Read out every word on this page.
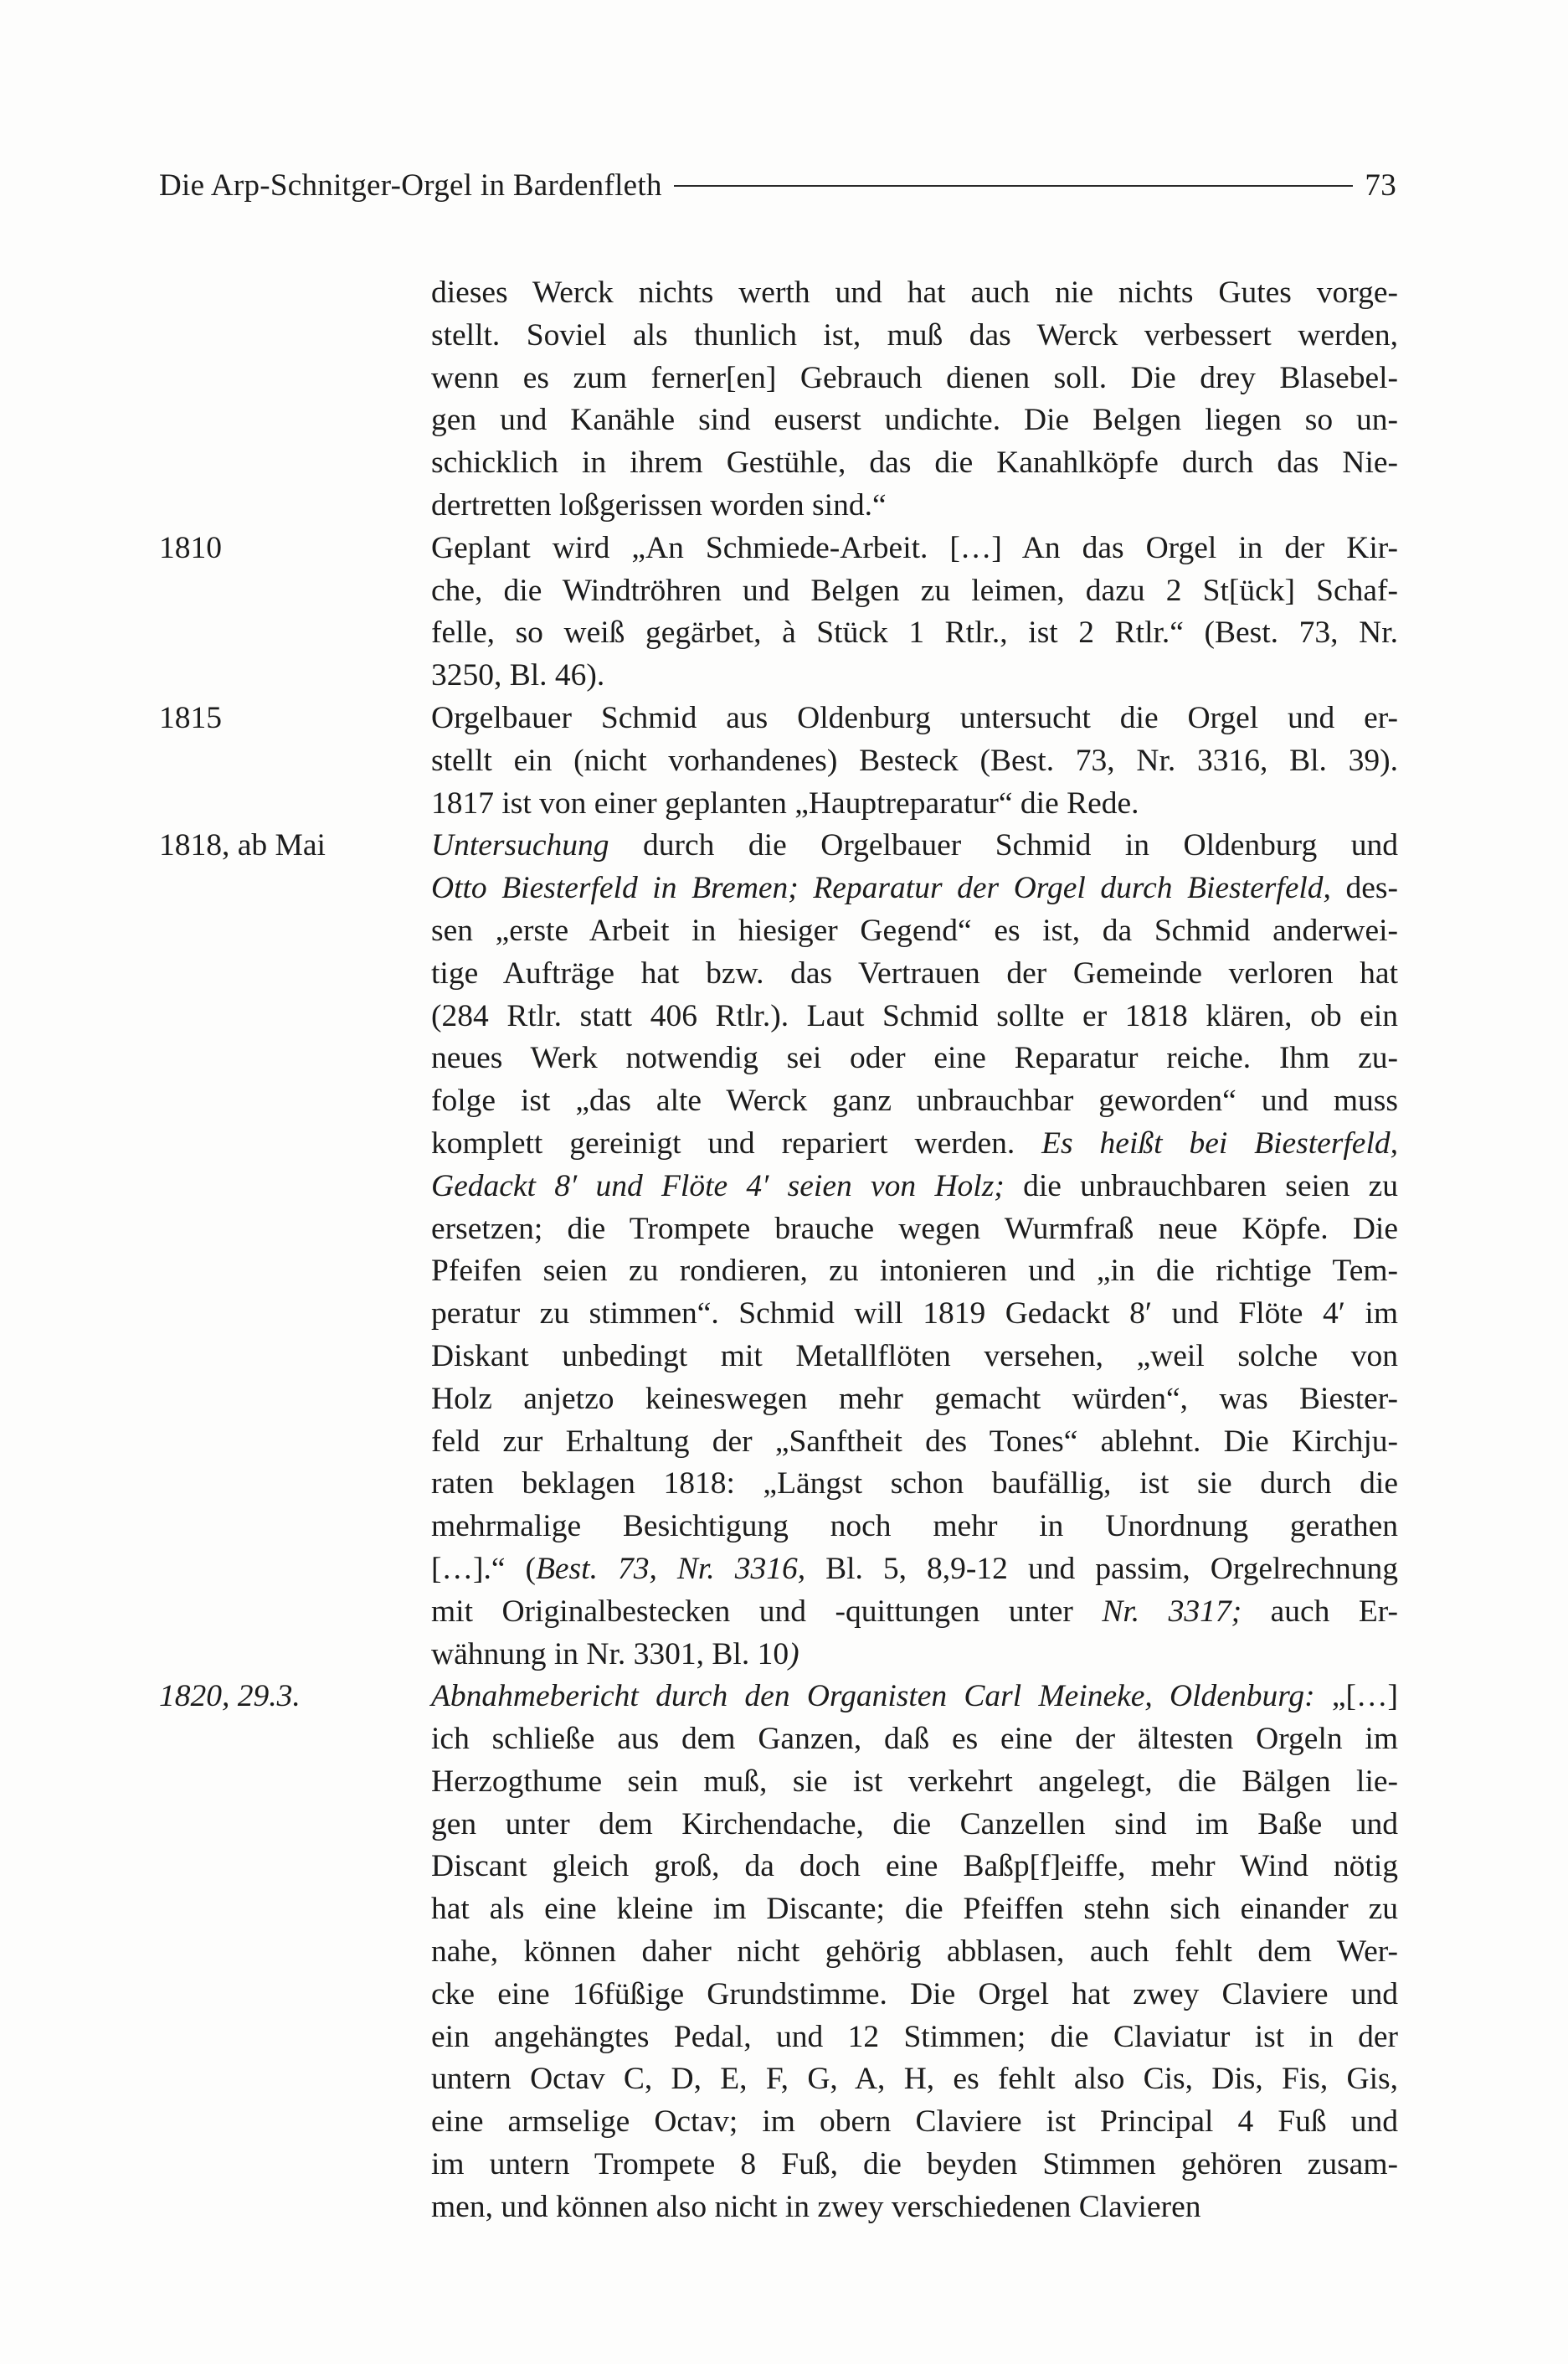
Die Arp-Schnitger-Orgel in Bardenfleth	73
dieses Werck nichts werth und hat auch nie nichts Gutes vorge-
stellt. Soviel als thunlich ist, muß das Werck verbessert werden,
wenn es zum ferner[en] Gebrauch dienen soll. Die drey Blasebel-
gen und Kanähle sind euserst undichte. Die Belgen liegen so un-
schicklich in ihrem Gestühle, das die Kanahlköpfe durch das Nie-
dertretten loßgerissen worden sind.“
1810	Geplant wird „An Schmiede-Arbeit. […] An das Orgel in der Kir-
che, die Windtröhren und Belgen zu leimen, dazu 2 St[ück] Schaf-
felle, so weiß gegärbet, à Stück 1 Rtlr., ist 2 Rtlr.“ (Best. 73, Nr.
3250, Bl. 46).
1815	Orgelbauer Schmid aus Oldenburg untersucht die Orgel und er-
stellt ein (nicht vorhandenes) Besteck (Best. 73, Nr. 3316, Bl. 39).
1817 ist von einer geplanten „Hauptreparatur“ die Rede.
1818, ab Mai	Untersuchung durch die Orgelbauer Schmid in Oldenburg und
Otto Biesterfeld in Bremen; Reparatur der Orgel durch Biesterfeld, des-
sen „erste Arbeit in hiesiger Gegend“ es ist, da Schmid anderwei-
tige Aufträge hat bzw. das Vertrauen der Gemeinde verloren hat
(284 Rtlr. statt 406 Rtlr.). Laut Schmid sollte er 1818 klären, ob ein
neues Werk notwendig sei oder eine Reparatur reiche. Ihm zu-
folge ist „das alte Werck ganz unbrauchbar geworden“ und muss
komplett gereinigt und repariert werden. Es heißt bei Biesterfeld,
Gedackt 8′ und Flöte 4′ seien von Holz; die unbrauchbaren seien zu
ersetzen; die Trompete brauche wegen Wurmfraß neue Köpfe. Die
Pfeifen seien zu rondieren, zu intonieren und „in die richtige Tem-
peratur zu stimmen“. Schmid will 1819 Gedackt 8′ und Flöte 4′ im
Diskant unbedingt mit Metallflöten versehen, „weil solche von
Holz anjetzo keineswegen mehr gemacht würden“, was Biester-
feld zur Erhaltung der „Sanftheit des Tones“ ablehnt. Die Kirchju-
raten beklagen 1818: „Längst schon baufällig, ist sie durch die
mehrmalige Besichtigung noch mehr in Unordnung gerathen
[…].“ (Best. 73, Nr. 3316, Bl. 5, 8,9-12 und passim, Orgelrechnung
mit Originalbestecken und -quittungen unter Nr. 3317; auch Er-
wähnung in Nr. 3301, Bl. 10)
1820, 29.3.	Abnahmebericht durch den Organisten Carl Meineke, Oldenburg: „[…]
ich schließe aus dem Ganzen, daß es eine der ältesten Orgeln im
Herzogthume sein muß, sie ist verkehrt angelegt, die Bälgen lie-
gen unter dem Kirchendache, die Canzellen sind im Baße und
Discant gleich groß, da doch eine Baßp[f]eiffe, mehr Wind nötig
hat als eine kleine im Discante; die Pfeiffen stehn sich einander zu
nahe, können daher nicht gehörig abblasen, auch fehlt dem Wer-
cke eine 16füßige Grundstimme. Die Orgel hat zwey Claviere und
ein angehängtes Pedal, und 12 Stimmen; die Claviatur ist in der
untern Octav C, D, E, F, G, A, H, es fehlt also Cis, Dis, Fis, Gis,
eine armselige Octav; im obern Claviere ist Principal 4 Fuß und
im untern Trompete 8 Fuß, die beyden Stimmen gehören zusam-
men, und können also nicht in zwey verschiedenen Clavieren
